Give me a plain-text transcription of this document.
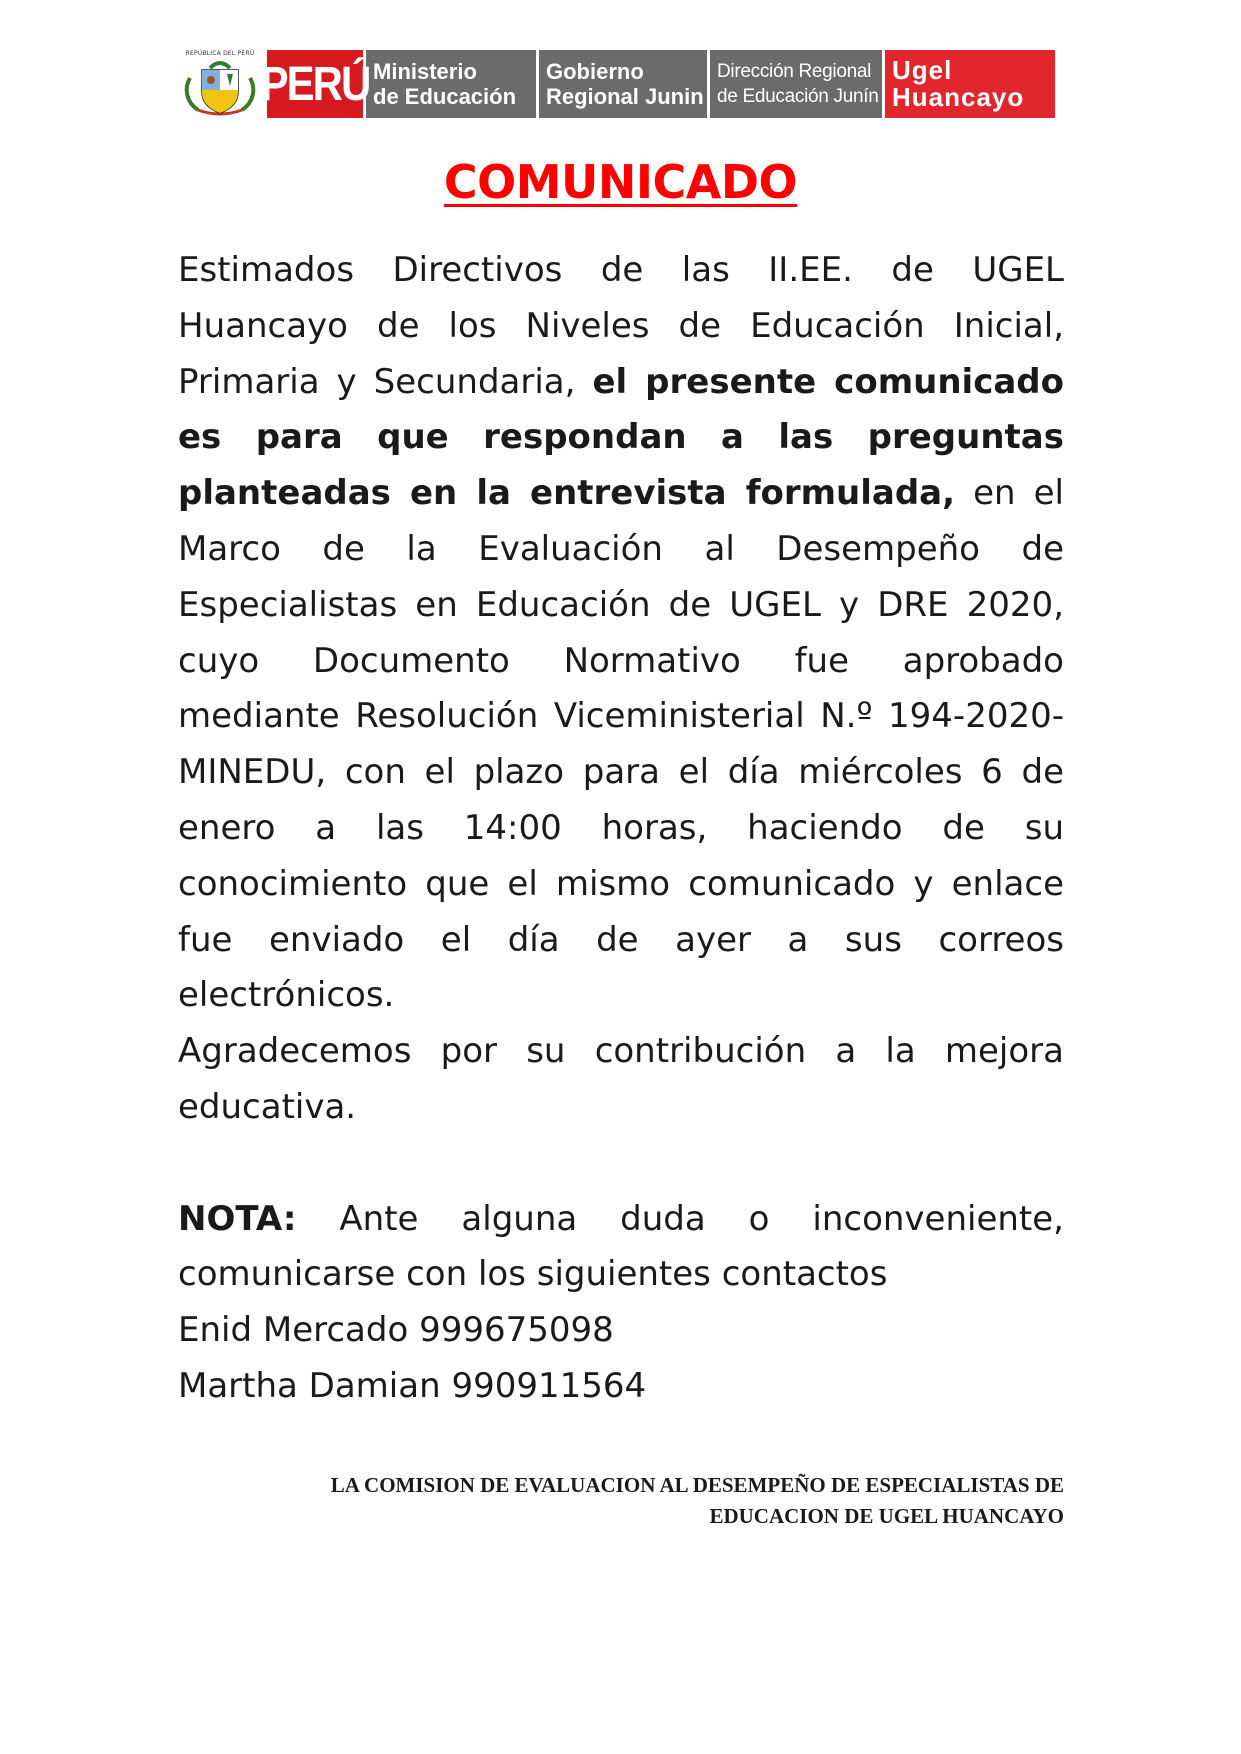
REPÚBLICA DEL PERÚ
PERÚ Ministerio
de Educación
Gobierno
Regional Junin
Dirección Regional
de Educación Junín
Ugel
Huancayo
COMUNICADO

Estimados Directivos de las II.EE. de UGEL Huancayo de los Niveles de Educación Inicial, Primaria y Secundaria, el presente comunicado es para que respondan a las preguntas planteadas en la entrevista formulada, en el Marco de la Evaluación al Desempeño de Especialistas en Educación de UGEL y DRE 2020, cuyo Documento Normativo fue aprobado mediante Resolución Viceministerial N.º 194-2020-MINEDU, con el plazo para el día miércoles 6 de enero a las 14:00 horas, haciendo de su conocimiento que el mismo comunicado y enlace fue enviado el día de ayer a sus correos electrónicos.

Agradecemos por su contribución a la mejora educativa.

NOTA: Ante alguna duda o inconveniente, comunicarse con los siguientes contactos

Enid Mercado 999675098

Martha Damian 990911564

LA COMISION DE EVALUACION AL DESEMPEÑO DE ESPECIALISTAS DE
EDUCACION DE UGEL HUANCAYO
